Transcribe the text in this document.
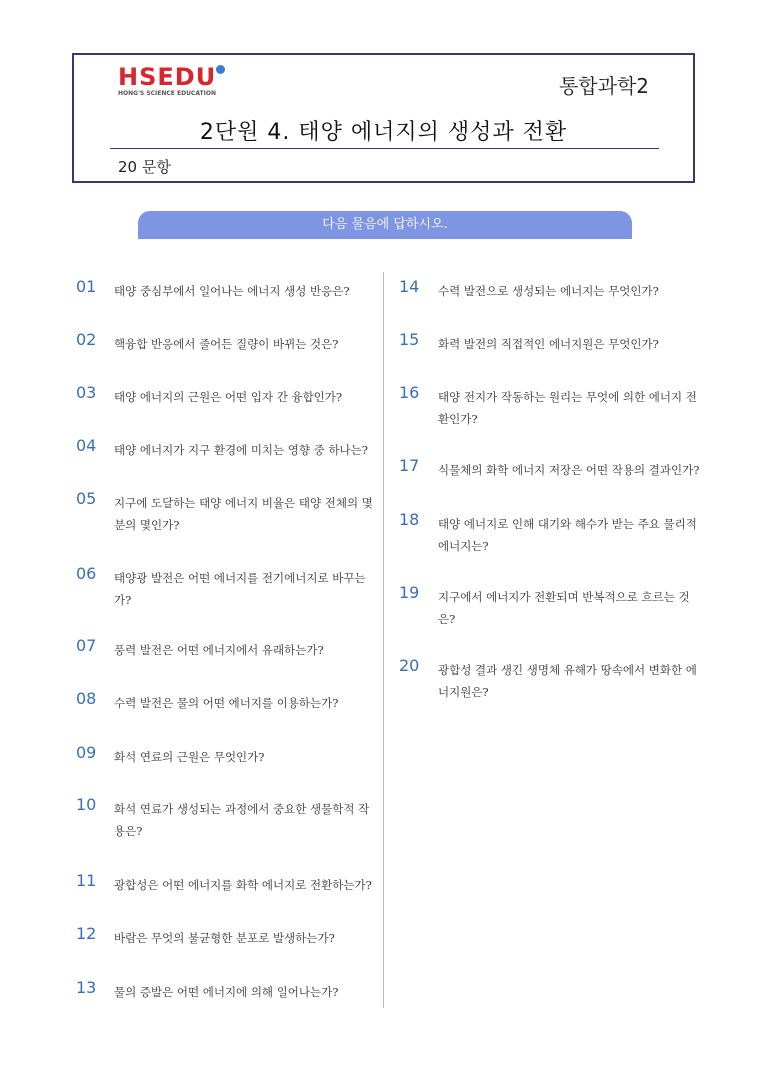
HSEDU
HONG'S SCIENCE EDUCATION	통합과학2
2단원 4. 태양 에너지의 생성과 전환
20 문항
다음 물음에 답하시오.
01 태양 중심부에서 일어나는 에너지 생성 반응은?
02 핵융합 반응에서 줄어든 질량이 바뀌는 것은?
03 태양 에너지의 근원은 어떤 입자 간 융합인가?
04 태양 에너지가 지구 환경에 미치는 영향 중 하나는?
05 지구에 도달하는 태양 에너지 비율은 태양 전체의 몇 분의 몇인가?
06 태양광 발전은 어떤 에너지를 전기에너지로 바꾸는가?
07 풍력 발전은 어떤 에너지에서 유래하는가?
08 수력 발전은 물의 어떤 에너지를 이용하는가?
09 화석 연료의 근원은 무엇인가?
10 화석 연료가 생성되는 과정에서 중요한 생물학적 작용은?
11 광합성은 어떤 에너지를 화학 에너지로 전환하는가?
12 바람은 무엇의 불균형한 분포로 발생하는가?
13 물의 증발은 어떤 에너지에 의해 일어나는가?
14 수력 발전으로 생성되는 에너지는 무엇인가?
15 화력 발전의 직접적인 에너지원은 무엇인가?
16 태양 전지가 작동하는 원리는 무엇에 의한 에너지 전환인가?
17 식물체의 화학 에너지 저장은 어떤 작용의 결과인가?
18 태양 에너지로 인해 대기와 해수가 받는 주요 물리적 에너지는?
19 지구에서 에너지가 전환되며 반복적으로 흐르는 것은?
20 광합성 결과 생긴 생명체 유해가 땅속에서 변화한 에너지원은?
